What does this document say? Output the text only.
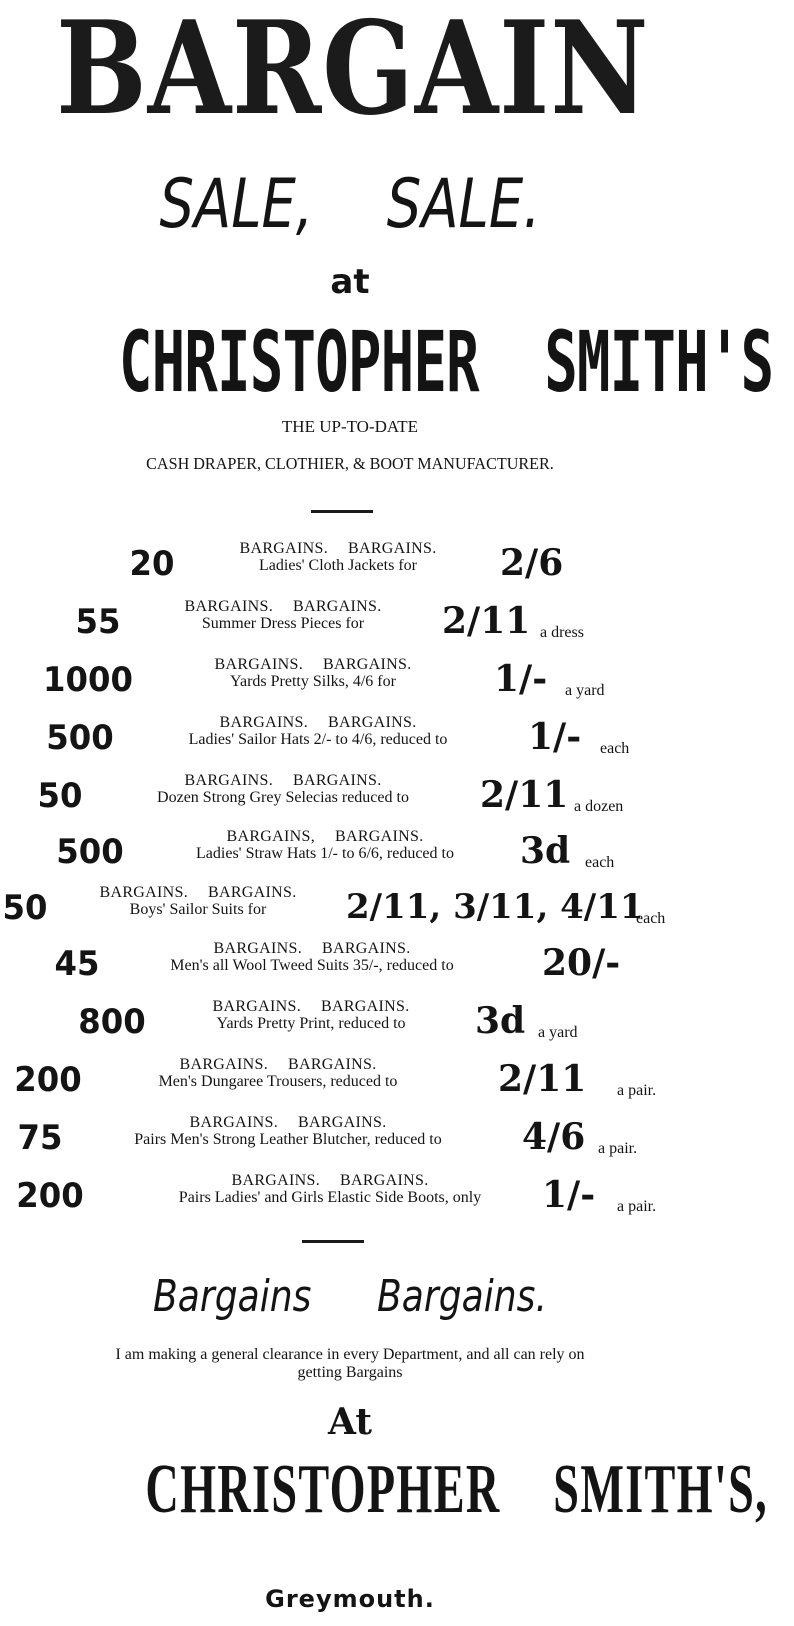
BARGAIN
SALE, SALE.
at
CHRISTOPHER  SMITH'S
THE UP-TO-DATE
CASH DRAPER, CLOTHIER, & BOOT MANUFACTURER.
20	BARGAINS. BARGAINS.
Ladies' Cloth Jackets for	2/6
55	BARGAINS. BARGAINS.
Summer Dress Pieces for	2/11 a dress
1000	BARGAINS. BARGAINS.
Yards Pretty Silks, 4/6 for	1/- a yard
500	BARGAINS. BARGAINS.
Ladies' Sailor Hats 2/- to 4/6, reduced to	1/- each
50	BARGAINS. BARGAINS.
Dozen Strong Grey Selecias reduced to	2/11 a dozen
500	BARGAINS, BARGAINS.
Ladies' Straw Hats 1/- to 6/6, reduced to	3d each
50	BARGAINS. BARGAINS.
Boys' Sailor Suits for	2/11, 3/11, 4/11
each
45	BARGAINS. BARGAINS.
Men's all Wool Tweed Suits 35/-, reduced to	20/-
800	BARGAINS. BARGAINS.
Yards Pretty Print, reduced to	3d a yard
200	BARGAINS. BARGAINS.
Men's Dungaree Trousers, reduced to	2/11 a pair.
75	BARGAINS. BARGAINS.
Pairs Men's Strong Leather Blutcher, reduced to	4/6 a pair.
200	BARGAINS. BARGAINS.
Pairs Ladies' and Girls Elastic Side Boots, only	1/- a pair.
Bargains Bargains.
I am making a general clearance in every Department, and all can rely on
getting Bargains
At
CHRISTOPHER SMITH'S,
Greymouth.
